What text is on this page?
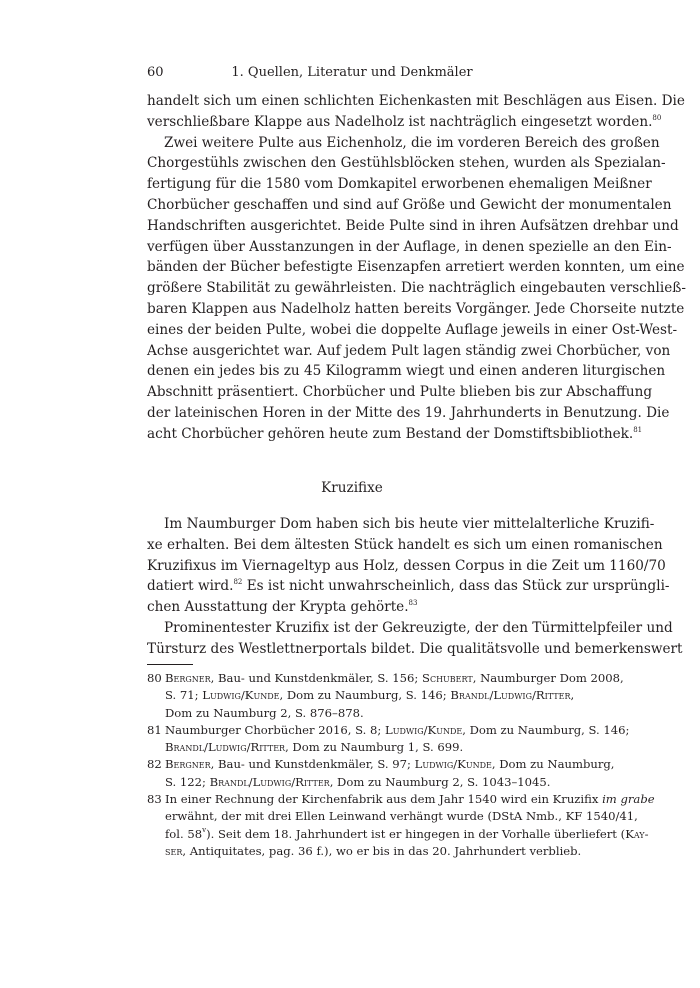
60	1. Quellen, Literatur und Denkmäler
handelt sich um einen schlichten Eichenkasten mit Beschlägen aus Eisen. Die
verschließbare Klappe aus Nadelholz ist nachträglich eingesetzt worden.$^{80}$
Zwei weitere Pulte aus Eichenholz, die im vorderen Bereich des großen
Chorgestühls zwischen den Gestühlsblöcken stehen, wurden als Spezialan-
fertigung für die 1580 vom Domkapitel erworbenen ehemaligen Meißner
Chorbücher geschaffen und sind auf Größe und Gewicht der monumentalen
Handschriften ausgerichtet. Beide Pulte sind in ihren Aufsätzen drehbar und
verfügen über Ausstanzungen in der Auflage, in denen spezielle an den Ein-
bänden der Bücher befestigte Eisenzapfen arretiert werden konnten, um eine
größere Stabilität zu gewährleisten. Die nachträglich eingebauten verschließ-
baren Klappen aus Nadelholz hatten bereits Vorgänger. Jede Chorseite nutzte
eines der beiden Pulte, wobei die doppelte Auflage jeweils in einer Ost-West-
Achse ausgerichtet war. Auf jedem Pult lagen ständig zwei Chorbücher, von
denen ein jedes bis zu 45 Kilogramm wiegt und einen anderen liturgischen
Abschnitt präsentiert. Chorbücher und Pulte blieben bis zur Abschaffung
der lateinischen Horen in der Mitte des 19. Jahrhunderts in Benutzung. Die
acht Chorbücher gehören heute zum Bestand der Domstiftsbibliothek.$^{81}$
Kruzifixe
Im Naumburger Dom haben sich bis heute vier mittelalterliche Kruzifi-
xe erhalten. Bei dem ältesten Stück handelt es sich um einen romanischen
Kruzifixus im Viernageltyp aus Holz, dessen Corpus in die Zeit um 1160/70
datiert wird.$^{82}$ Es ist nicht unwahrscheinlich, dass das Stück zur ursprüngli-
chen Ausstattung der Krypta gehörte.$^{83}$
Prominentester Kruzifix ist der Gekreuzigte, der den Türmittelpfeiler und
Türsturz des Westlettnerportals bildet. Die qualitätsvolle und bemerkenswert
80 Bergner, Bau- und Kunstdenkmäler, S. 156; Schubert, Naumburger Dom 2008,
S. 71; Ludwig/Kunde, Dom zu Naumburg, S. 146; Brandl/Ludwig/Ritter,
Dom zu Naumburg 2, S. 876–878.
81 Naumburger Chorbücher 2016, S. 8; Ludwig/Kunde, Dom zu Naumburg, S. 146;
Brandl/Ludwig/Ritter, Dom zu Naumburg 1, S. 699.
82 Bergner, Bau- und Kunstdenkmäler, S. 97; Ludwig/Kunde, Dom zu Naumburg,
S. 122; Brandl/Ludwig/Ritter, Dom zu Naumburg 2, S. 1043–1045.
83 In einer Rechnung der Kirchenfabrik aus dem Jahr 1540 wird ein Kruzifix im grabe
erwähnt, der mit drei Ellen Leinwand verhängt wurde (DStA Nmb., KF 1540/41,
fol. 58$^v$). Seit dem 18. Jahrhundert ist er hingegen in der Vorhalle überliefert (Kay-
ser, Antiquitates, pag. 36 f.), wo er bis in das 20. Jahrhundert verblieb.
